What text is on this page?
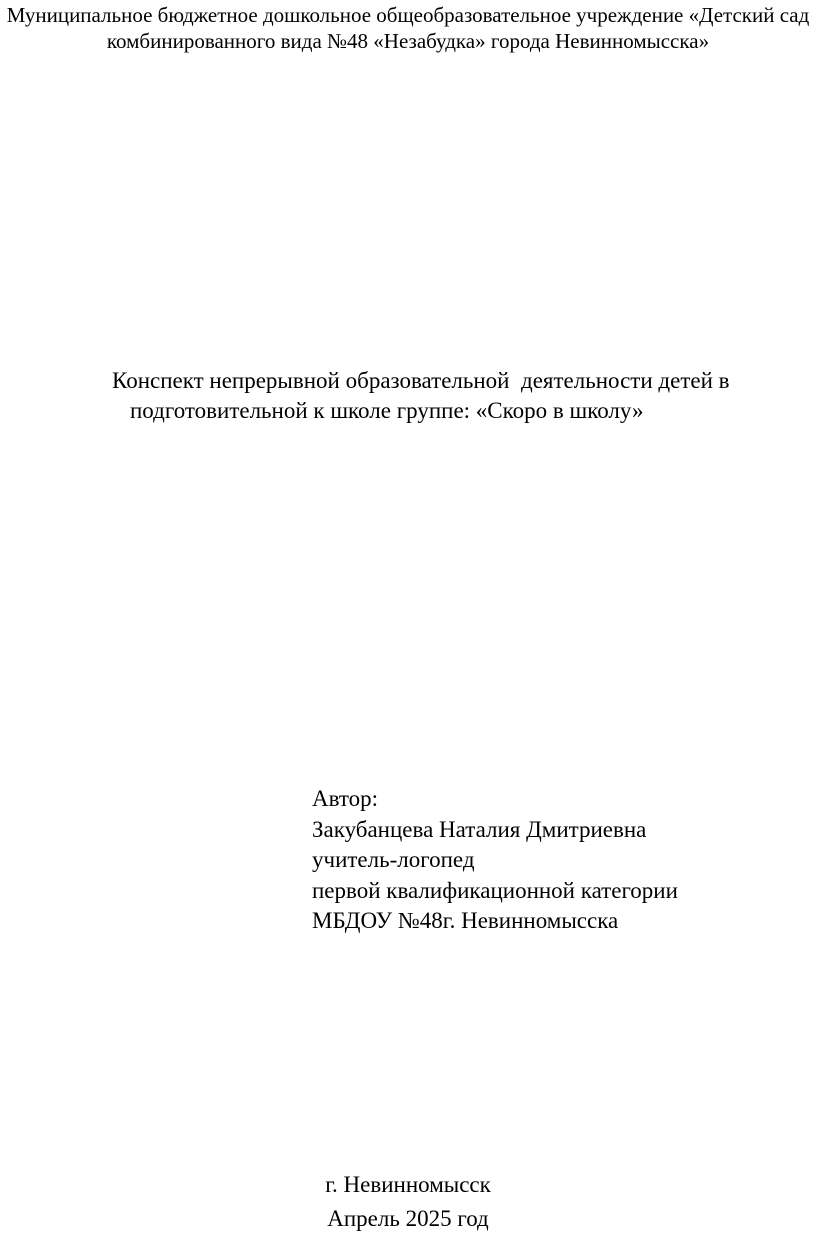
Муниципальное бюджетное дошкольное общеобразовательное учреждение «Детский сад
комбинированного вида №48 «Незабудка» города Невинномысска»
Конспект непрерывной образовательной  деятельности детей в
подготовительной к школе группе: «Скоро в школу»
Автор:
Закубанцева Наталия Дмитриевна
учитель-логопед
первой квалификационной категории
МБДОУ №48г. Невинномысска
г. Невинномысск
Апрель 2025 год
